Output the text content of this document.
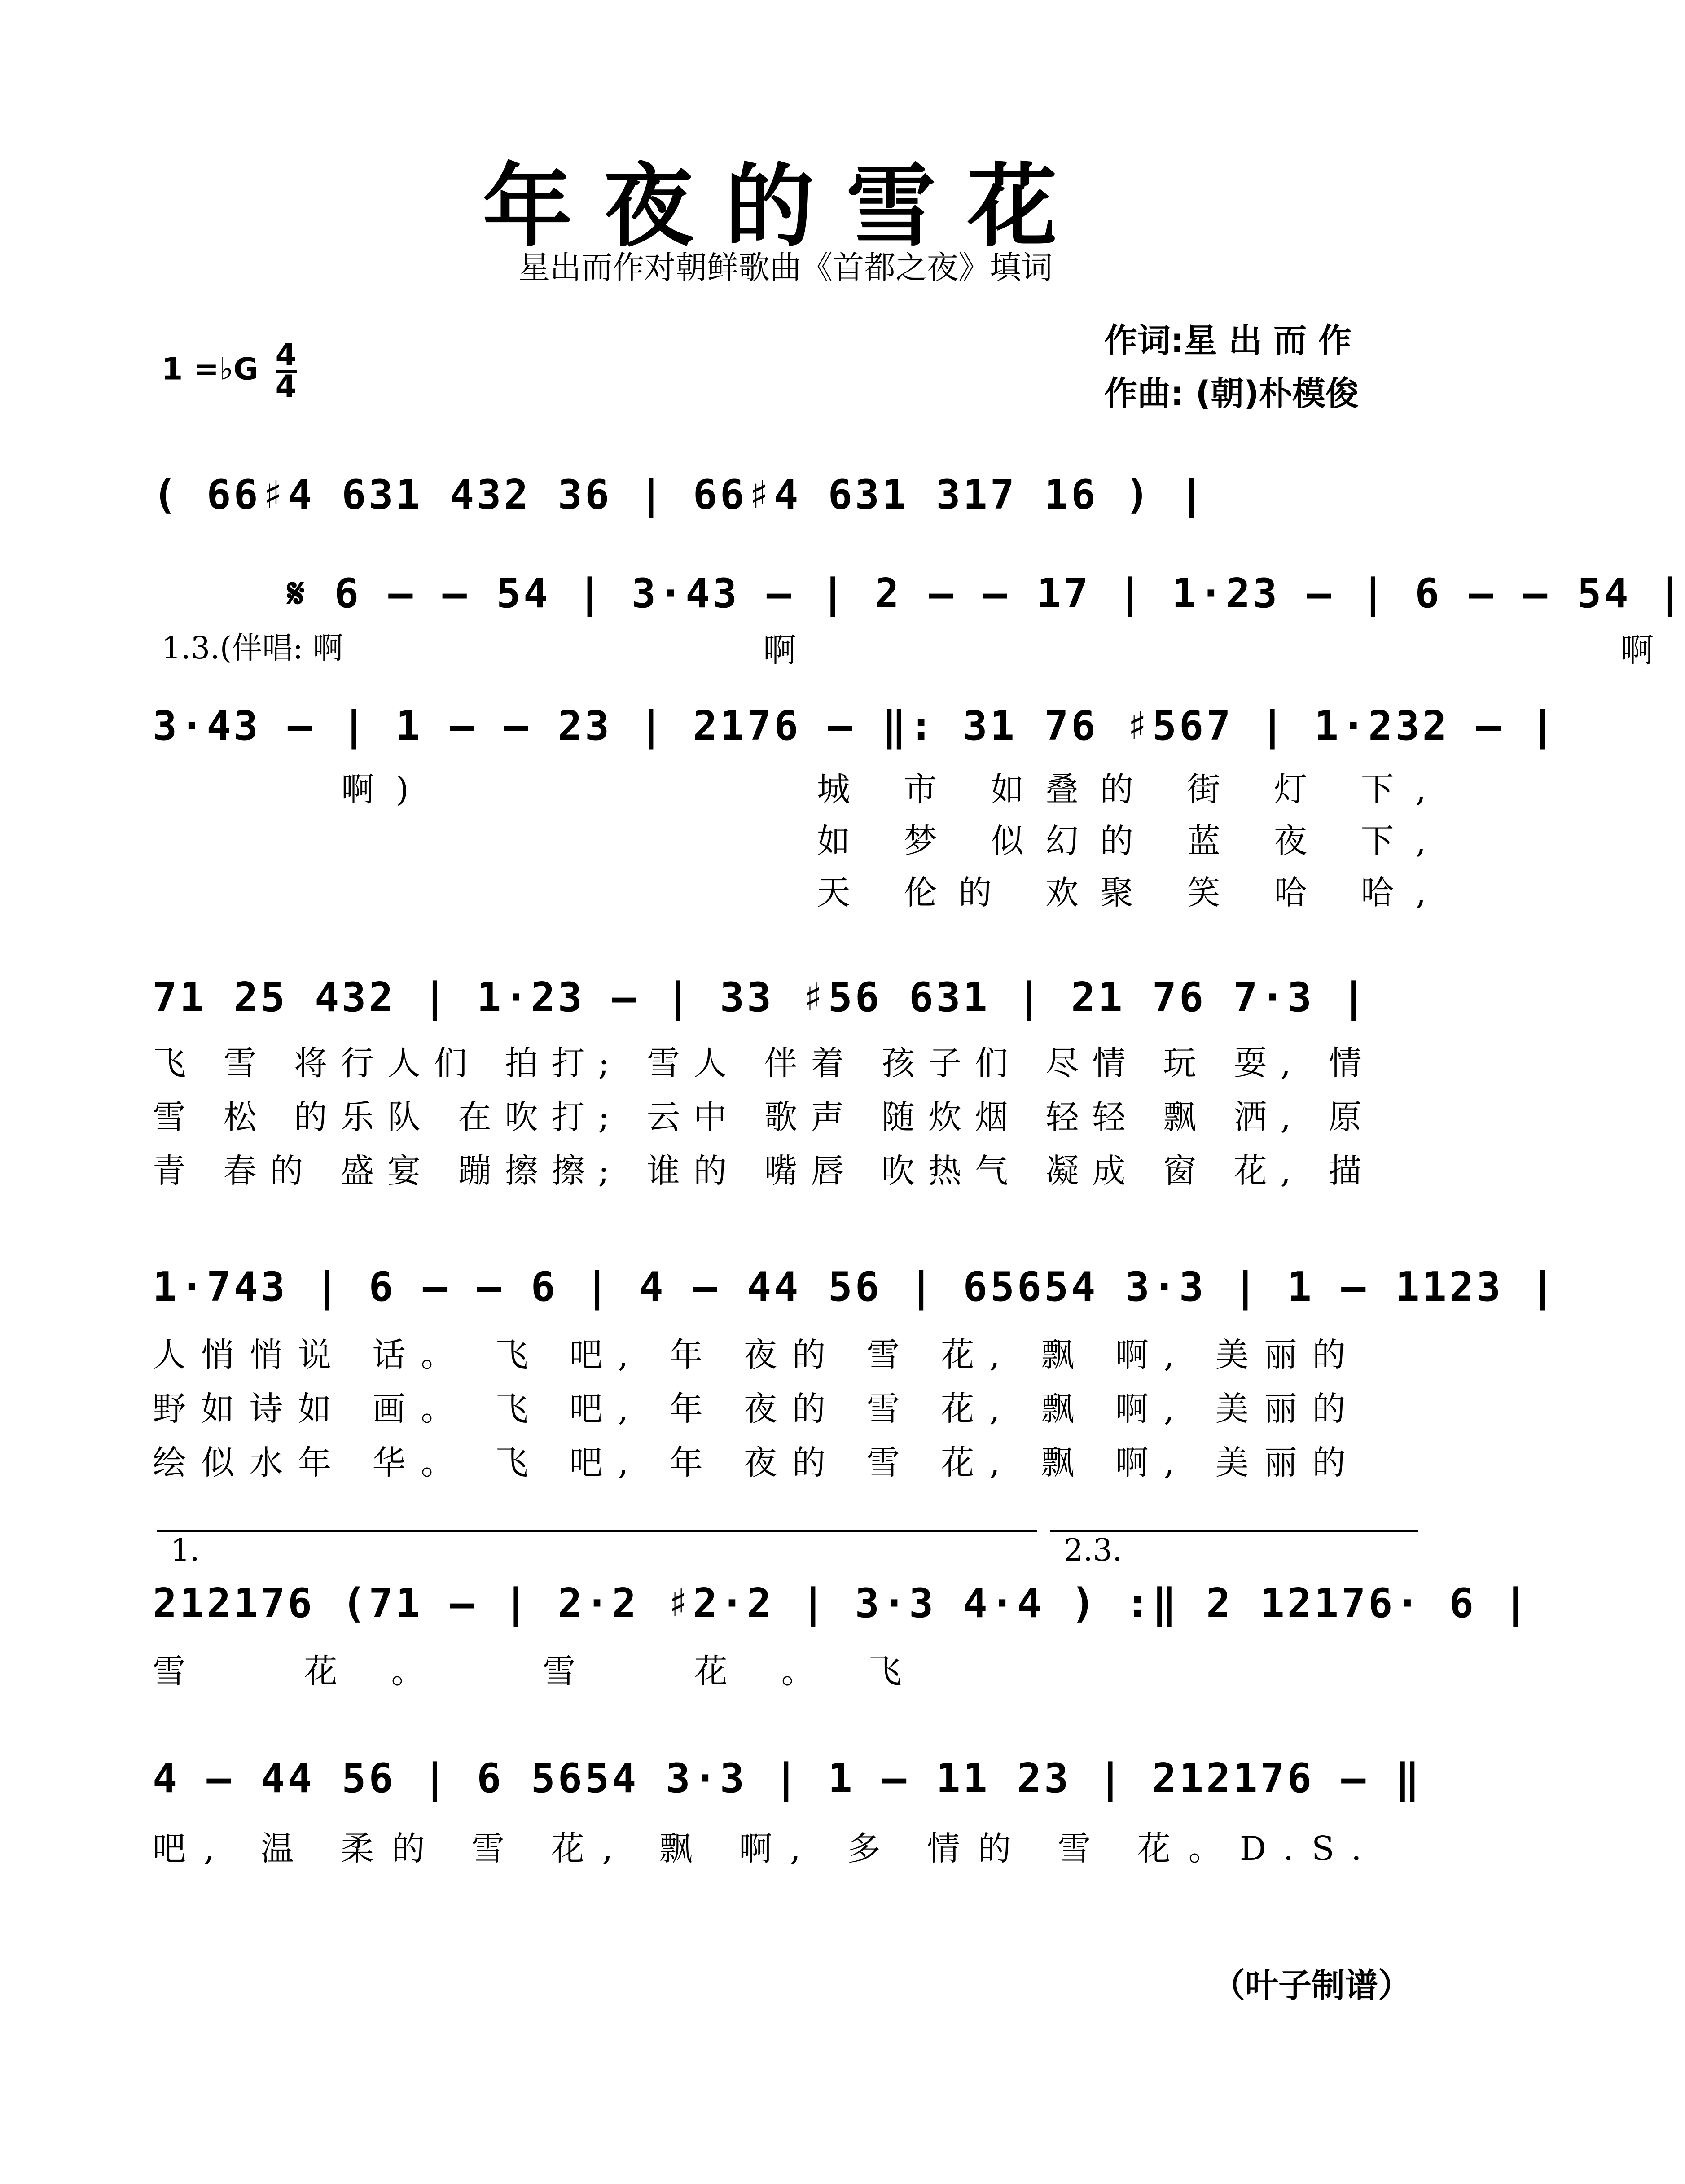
年夜的雪花
星出而作对朝鲜歌曲《首都之夜》填词
1 =♭G $\frac{4}{4}$
作词:星 出 而 作
作曲: (朝)朴模俊
( 66♯4 631 432 36 | 66♯4 631 317 16 ) |
𝄋 6 ‒ ‒ 54 | 3·43 ‒ | 2 ‒ ‒ 17 | 1·23 ‒ | 6 ‒ ‒ 54 |
1.3.(伴唱: 啊	啊                         啊
3·43 ‒ | 1 ‒ ‒ 23 | 2176 ‒ ‖: 31 76 ♯567 | 1·232 ‒ |
啊)	城 市 如叠的 街 灯 下,
如 梦 似幻的 蓝 夜 下,
天 伦的 欢聚 笑 哈 哈,
71 25 432 | 1·23 ‒ | 33 ♯56 631 | 21 76 7·3 |
飞 雪 将行人们 拍打; 雪人 伴着 孩子们 尽情 玩 耍, 情
雪 松 的乐队 在吹打; 云中 歌声 随炊烟 轻轻 飘 洒, 原
青 春的 盛宴 蹦擦擦; 谁的 嘴唇 吹热气 凝成 窗 花, 描
1·743 | 6 ‒ ‒ 6 | 4 ‒ 44 56 | 65654 3·3 | 1 ‒ 1123 |
人悄悄说 话。 飞 吧, 年 夜的 雪 花, 飘 啊, 美丽的
野如诗如 画。 飞 吧, 年 夜的 雪 花, 飘 啊, 美丽的
绘似水年 华。 飞 吧, 年 夜的 雪 花, 飘 啊, 美丽的
1.	2.3.
212176 (71 ‒ | 2·2 ♯2·2 | 3·3 4·4 ) :‖ 2 12176· 6 |
雪 花。 雪 花。飞
4 ‒ 44 56 | 6 5654 3·3 | 1 ‒ 11 23 | 212176 ‒ ‖
吧, 温 柔的 雪 花, 飘 啊, 多 情的 雪 花。D.S.
（叶子制谱）
